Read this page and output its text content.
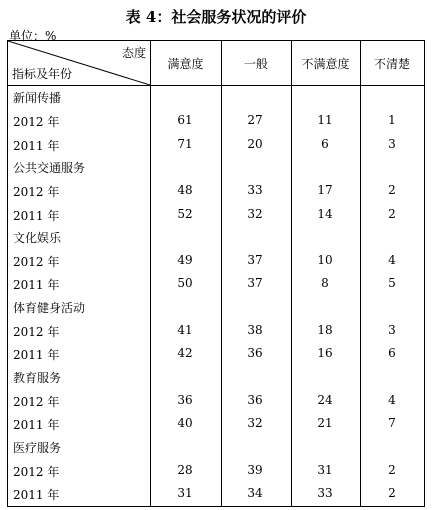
表 4：社会服务状况的评价
单位：%
态度
指标及年份
满意度	一般	不满意度	不清楚
新闻传播
2012 年	61	27	11	1
2011 年	71	20	6	3
公共交通服务
2012 年	48	33	17	2
2011 年	52	32	14	2
文化娱乐
2012 年	49	37	10	4
2011 年	50	37	8	5
体育健身活动
2012 年	41	38	18	3
2011 年	42	36	16	6
教育服务
2012 年	36	36	24	4
2011 年	40	32	21	7
医疗服务
2012 年	28	39	31	2
2011 年	31	34	33	2
